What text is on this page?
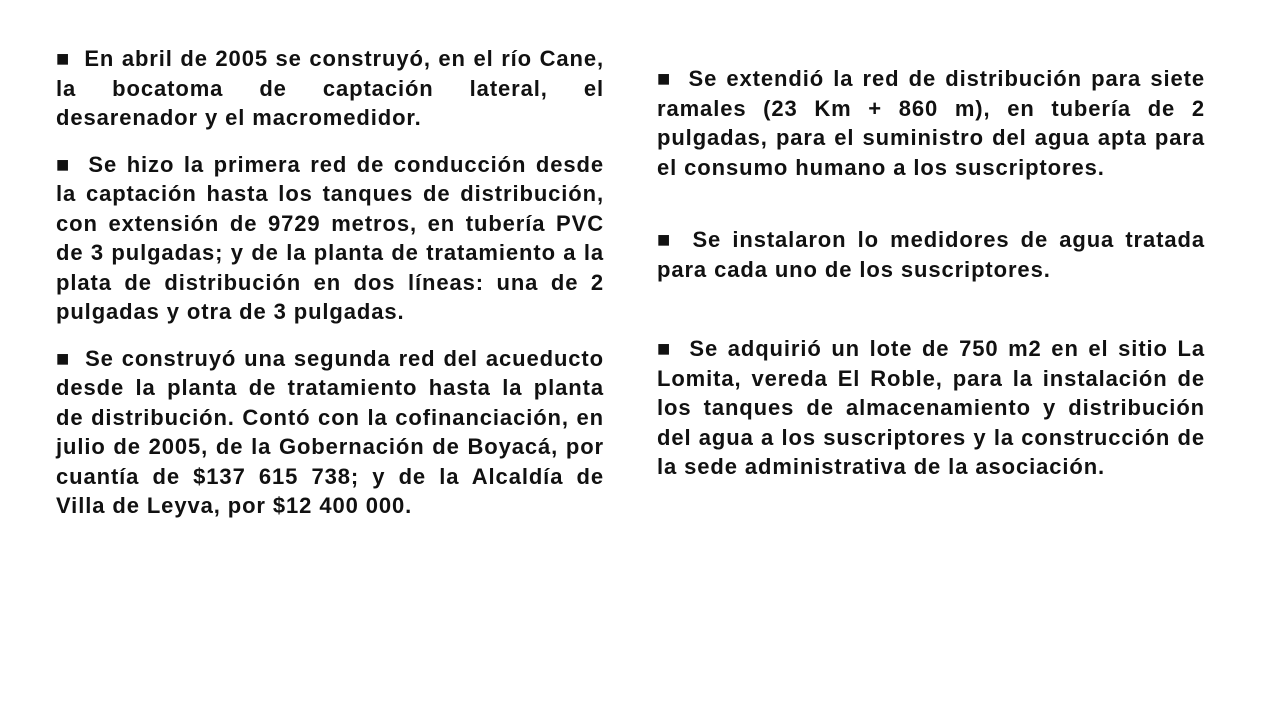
■ En abril de 2005 se construyó, en el río Cane, la bocatoma de captación lateral, el desarenador y el macromedidor.

■ Se hizo la primera red de conducción desde la captación hasta los tanques de distribución, con extensión de 9729 metros, en tubería PVC de 3 pulgadas; y de la planta de tratamiento a la plata de distribución en dos líneas: una de 2 pulgadas y otra de 3 pulgadas.

■ Se construyó una segunda red del acueducto desde la planta de tratamiento hasta la planta de distribución. Contó con la cofinanciación, en julio de 2005, de la Gobernación de Boyacá, por cuantía de $137 615 738; y de la Alcaldía de Villa de Leyva, por $12 400 000.

■ Se extendió la red de distribución para siete ramales (23 Km + 860 m), en tubería de 2 pulgadas, para el suministro del agua apta para el consumo humano a los suscriptores.

■ Se instalaron lo medidores de agua tratada para cada uno de los suscriptores.

■ Se adquirió un lote de 750 m2 en el sitio La Lomita, vereda El Roble, para la instalación de los tanques de almacenamiento y distribución del agua a los suscriptores y la construcción de la sede administrativa de la asociación.
